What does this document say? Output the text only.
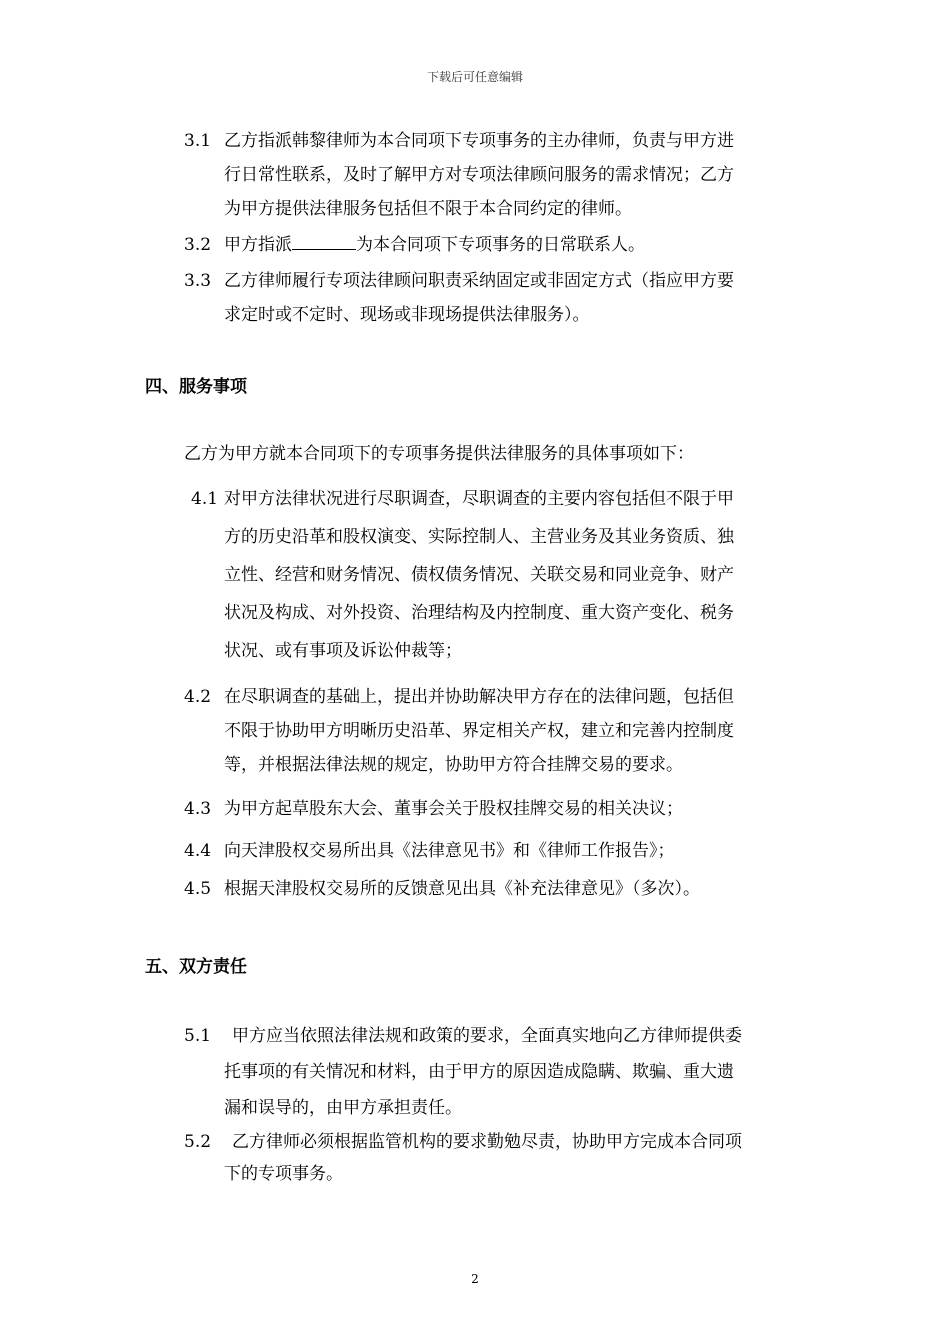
下载后可任意编辑
3.1 乙方指派韩黎律师为本合同项下专项事务的主办律师，负责与甲方进
行日常性联系，及时了解甲方对专项法律顾问服务的需求情况；乙方
为甲方提供法律服务包括但不限于本合同约定的律师。
3.2 甲方指派	为本合同项下专项事务的日常联系人。
3.3 乙方律师履行专项法律顾问职责采纳固定或非固定方式（指应甲方要
求定时或不定时、现场或非现场提供法律服务）。
四、服务事项
乙方为甲方就本合同项下的专项事务提供法律服务的具体事项如下：
4.1 对甲方法律状况进行尽职调查，尽职调查的主要内容包括但不限于甲
方的历史沿革和股权演变、实际控制人、主营业务及其业务资质、独
立性、经营和财务情况、债权债务情况、关联交易和同业竞争、财产
状况及构成、对外投资、治理结构及内控制度、重大资产变化、税务
状况、或有事项及诉讼仲裁等；
4.2 在尽职调查的基础上，提出并协助解决甲方存在的法律问题，包括但
不限于协助甲方明晰历史沿革、界定相关产权，建立和完善内控制度
等，并根据法律法规的规定，协助甲方符合挂牌交易的要求。
4.3 为甲方起草股东大会、董事会关于股权挂牌交易的相关决议；
4.4 向天津股权交易所出具《法律意见书》和《律师工作报告》；
4.5 根据天津股权交易所的反馈意见出具《补充法律意见》（多次）。
五、双方责任
5.1 甲方应当依照法律法规和政策的要求，全面真实地向乙方律师提供委
托事项的有关情况和材料，由于甲方的原因造成隐瞒、欺骗、重大遗
漏和误导的，由甲方承担责任。
5.2 乙方律师必须根据监管机构的要求勤勉尽责，协助甲方完成本合同项
下的专项事务。
2
